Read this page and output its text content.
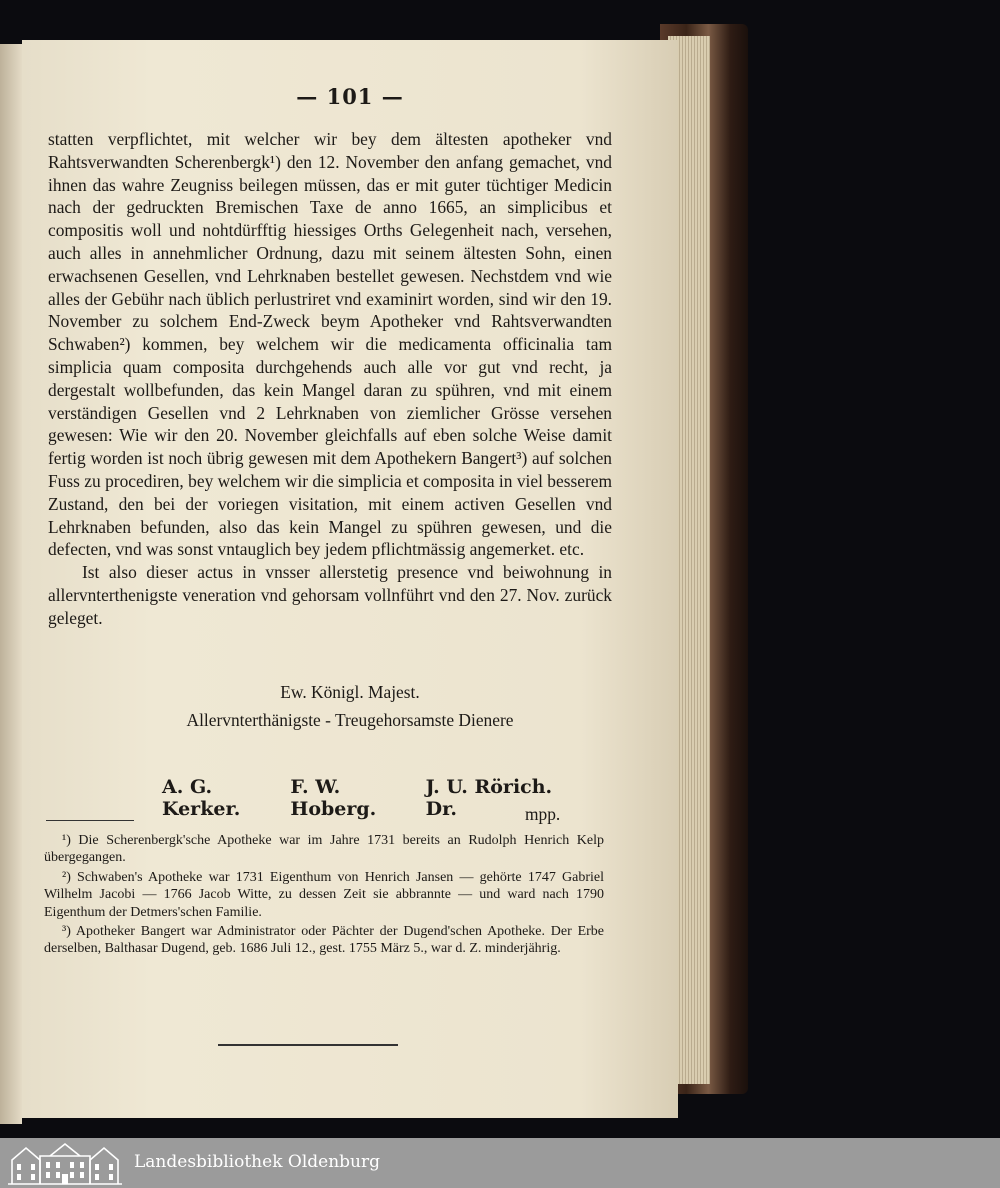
— 101 —

statten verpflichtet, mit welcher wir bey dem ältesten apotheker vnd Rahtsverwandten Scherenbergk¹) den 12. November den anfang gemachet, vnd ihnen das wahre Zeugniss beilegen müssen, das er mit guter tüchtiger Medicin nach der gedruckten Bremischen Taxe de anno 1665, an simplicibus et compositis woll und nohtdürfftig hiessiges Orths Gelegenheit nach, versehen, auch alles in annehmlicher Ordnung, dazu mit seinem ältesten Sohn, einen erwachsenen Gesellen, vnd Lehrknaben bestellet gewesen. Nechstdem vnd wie alles der Gebühr nach üblich perlustriret vnd examinirt worden, sind wir den 19. November zu solchem End-Zweck beym Apotheker vnd Rahtsverwandten Schwaben²) kommen, bey welchem wir die medicamenta officinalia tam simplicia quam composita durchgehends auch alle vor gut vnd recht, ja dergestalt wollbefunden, das kein Mangel daran zu spühren, vnd mit einem verständigen Gesellen vnd 2 Lehrknaben von ziemlicher Grösse versehen gewesen: Wie wir den 20. November gleichfalls auf eben solche Weise damit fertig worden ist noch übrig gewesen mit dem Apothekern Bangert³) auf solchen Fuss zu procediren, bey welchem wir die simplicia et composita in viel besserem Zustand, den bei der voriegen visitation, mit einem activen Gesellen vnd Lehrknaben befunden, also das kein Mangel zu spühren gewesen, und die defecten, vnd was sonst vntauglich bey jedem pflichtmässig angemerket. etc.

Ist also dieser actus in vnsser allerstetig presence vnd beiwohnung in allervnterthenigste veneration vnd gehorsam vollnführt vnd den 27. Nov. zurück geleget.

Ew. Königl. Majest.
Allervnterthänigste - Treugehorsamste Dienere
A. G. Kerker.
F. W. Hoberg.
J. U. Rörich. Dr.	mpp.

¹) Die Scherenbergk'sche Apotheke war im Jahre 1731 bereits an Rudolph Henrich Kelp übergegangen.

²) Schwaben's Apotheke war 1731 Eigenthum von Henrich Jansen — gehörte 1747 Gabriel Wilhelm Jacobi — 1766 Jacob Witte, zu dessen Zeit sie abbrannte — und ward nach 1790 Eigenthum der Detmers'schen Familie.

³) Apotheker Bangert war Administrator oder Pächter der Dugend'schen Apotheke. Der Erbe derselben, Balthasar Dugend, geb. 1686 Juli 12., gest. 1755 März 5., war d. Z. minderjährig.

Landesbibliothek Oldenburg
